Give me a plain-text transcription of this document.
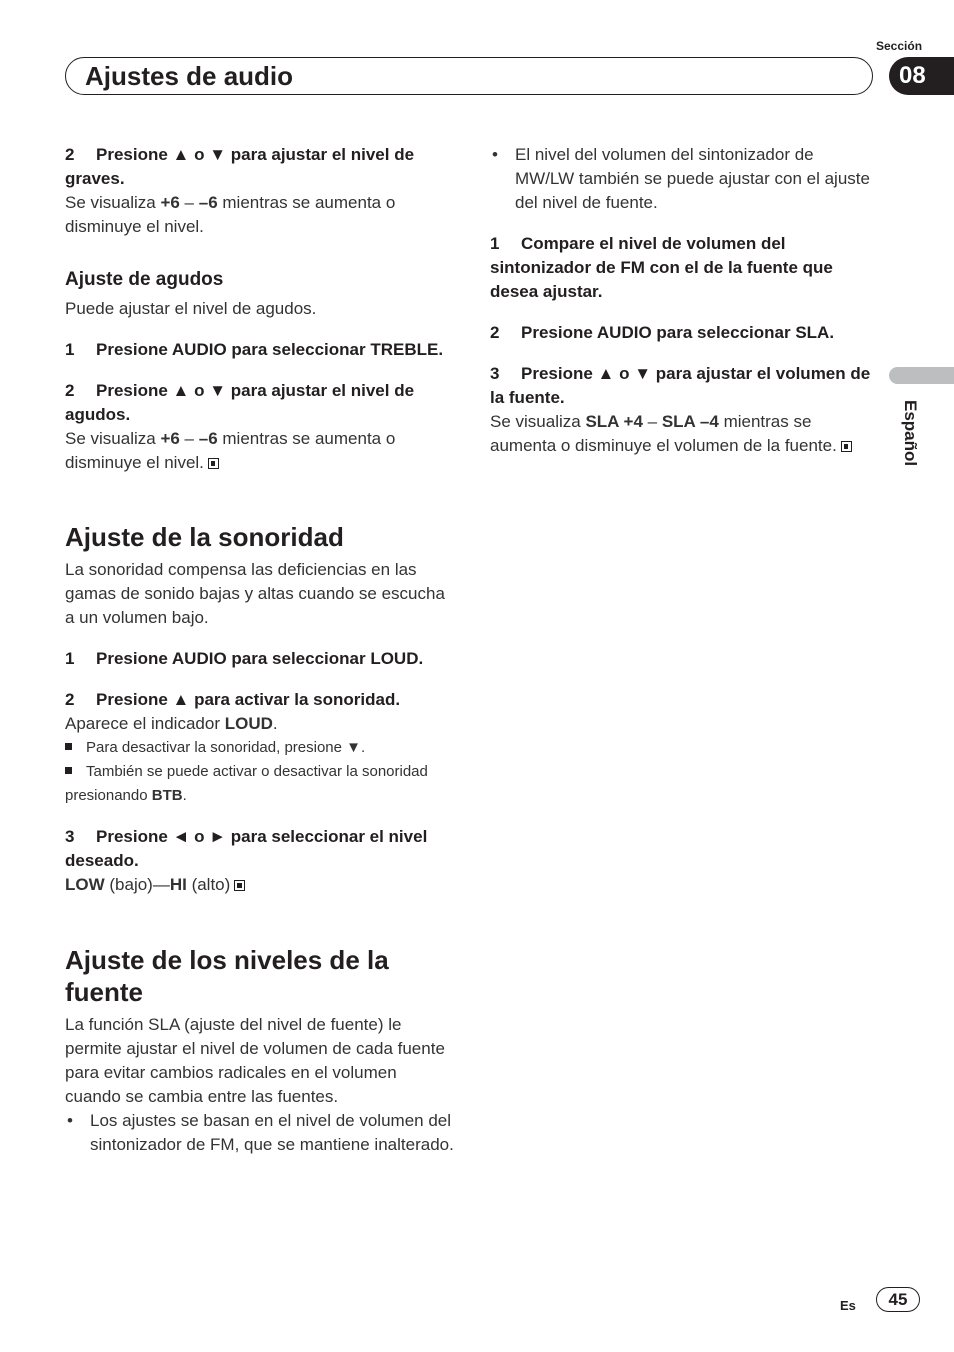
Sección
Ajustes de audio	08
Español

2 Presione ▲ o ▼ para ajustar el nivel de graves.

Se visualiza +6 – –6 mientras se aumenta o disminuye el nivel.

Ajuste de agudos

Puede ajustar el nivel de agudos.

1 Presione AUDIO para seleccionar TREBLE.

2 Presione ▲ o ▼ para ajustar el nivel de agudos.

Se visualiza +6 – –6 mientras se aumenta o disminuye el nivel.

Ajuste de la sonoridad

La sonoridad compensa las deficiencias en las gamas de sonido bajas y altas cuando se escucha a un volumen bajo.

1 Presione AUDIO para seleccionar LOUD.

2 Presione ▲ para activar la sonoridad.

Aparece el indicador LOUD.

Para desactivar la sonoridad, presione ▼.

También se puede activar o desactivar la sonoridad presionando BTB.

3 Presione ◄ o ► para seleccionar el nivel deseado.

LOW (bajo)—HI (alto)

Ajuste de los niveles de la fuente

La función SLA (ajuste del nivel de fuente) le permite ajustar el nivel de volumen de cada fuente para evitar cambios radicales en el volumen cuando se cambia entre las fuentes.

• Los ajustes se basan en el nivel de volumen del sintonizador de FM, que se mantiene inalterado.
• El nivel del volumen del sintonizador de MW/LW también se puede ajustar con el ajuste del nivel de fuente.

1 Compare el nivel de volumen del sintonizador de FM con el de la fuente que desea ajustar.

2 Presione AUDIO para seleccionar SLA.

3 Presione ▲ o ▼ para ajustar el volumen de la fuente.

Se visualiza SLA +4 – SLA –4 mientras se aumenta o disminuye el volumen de la fuente.

Es	45
